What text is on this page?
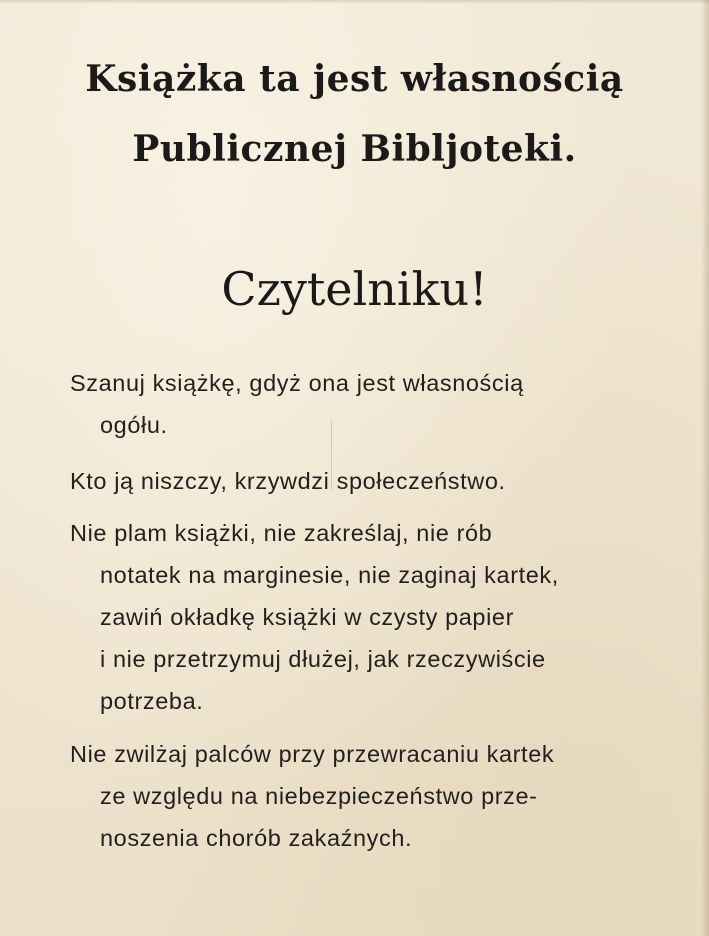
Książka ta jest własnością
Publicznej Bibljoteki.
Czytelniku!
Szanuj książkę, gdyż ona jest własnością
ogółu.
Kto ją niszczy, krzywdzi społeczeństwo.
Nie plam książki, nie zakreślaj, nie rób
notatek na marginesie, nie zaginaj kartek,
zawiń okładkę książki w czysty papier
i nie przetrzymuj dłużej, jak rzeczywiście
potrzeba.
Nie zwilżaj palców przy przewracaniu kartek
ze względu na niebezpieczeństwo prze-
noszenia chorób zakaźnych.
